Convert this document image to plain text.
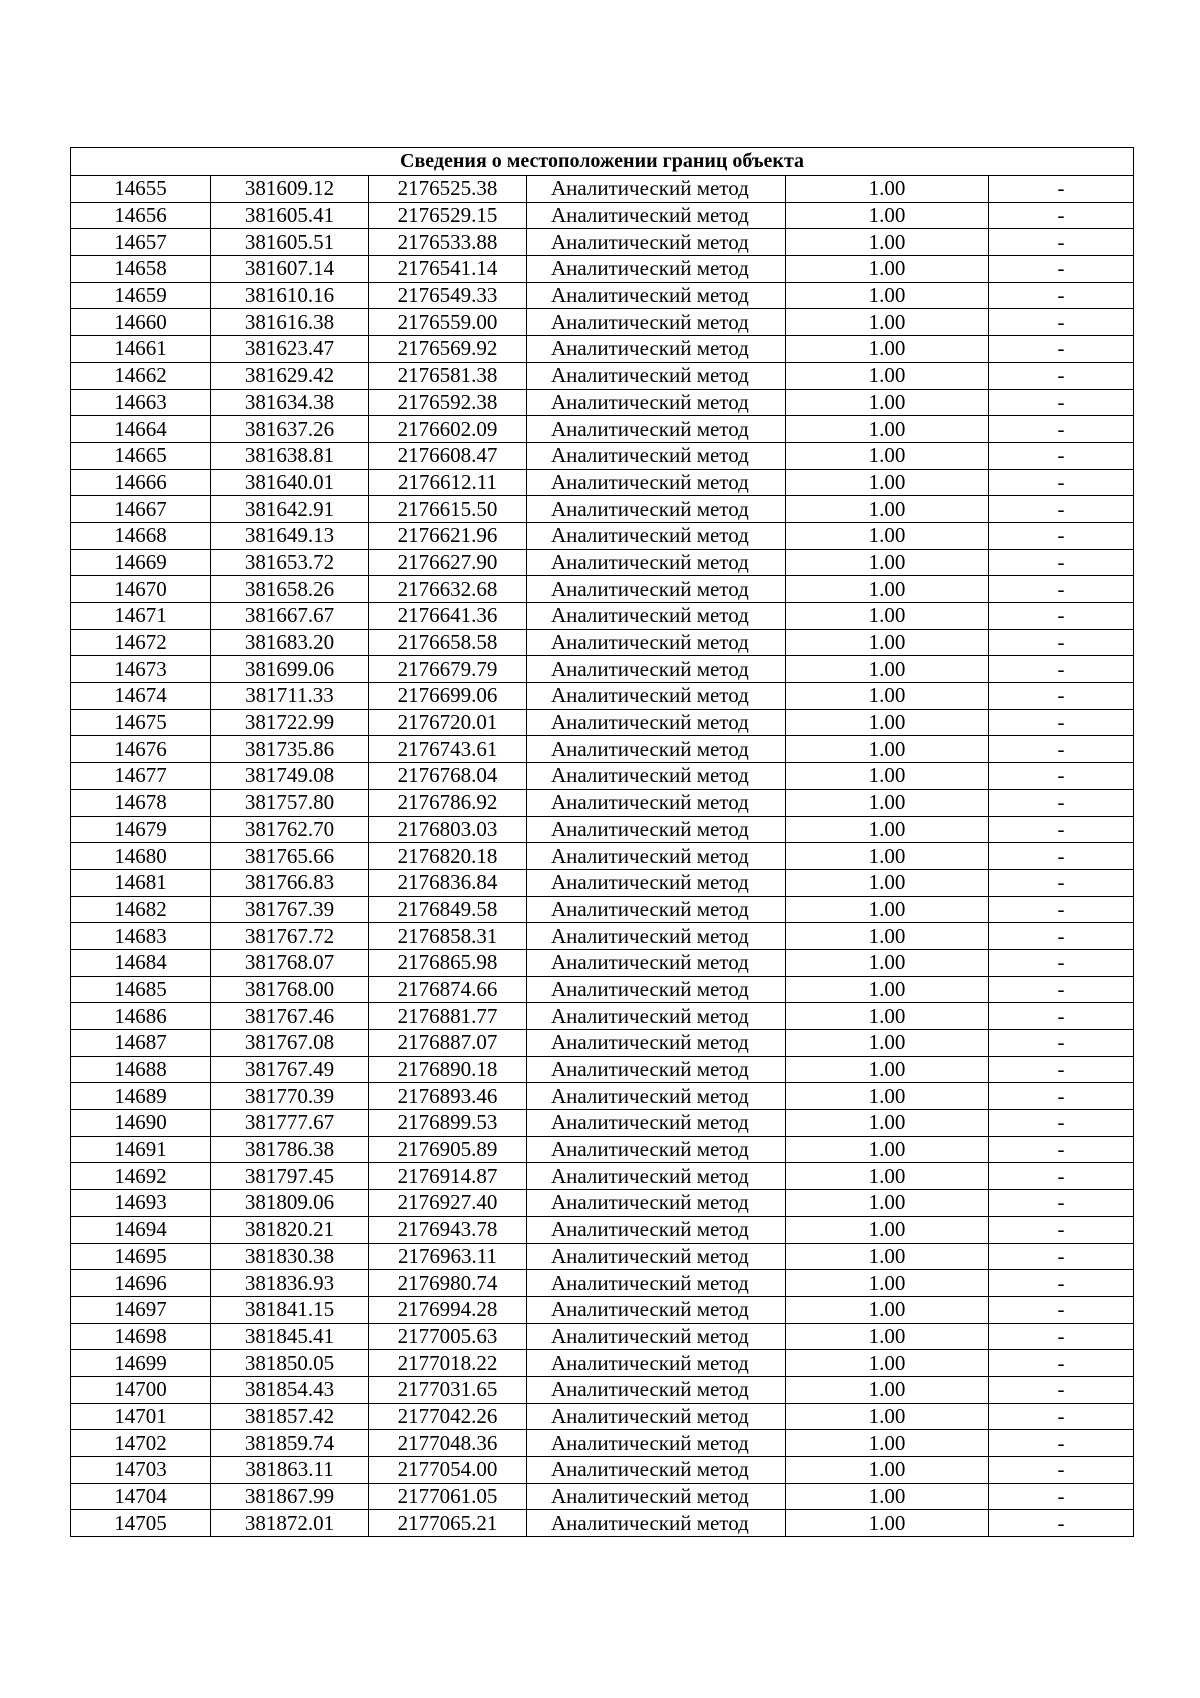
Сведения о местоположении границ объекта					
14655	381609.12	2176525.38	Аналитический метод	1.00	-
14656	381605.41	2176529.15	Аналитический метод	1.00	-
14657	381605.51	2176533.88	Аналитический метод	1.00	-
14658	381607.14	2176541.14	Аналитический метод	1.00	-
14659	381610.16	2176549.33	Аналитический метод	1.00	-
14660	381616.38	2176559.00	Аналитический метод	1.00	-
14661	381623.47	2176569.92	Аналитический метод	1.00	-
14662	381629.42	2176581.38	Аналитический метод	1.00	-
14663	381634.38	2176592.38	Аналитический метод	1.00	-
14664	381637.26	2176602.09	Аналитический метод	1.00	-
14665	381638.81	2176608.47	Аналитический метод	1.00	-
14666	381640.01	2176612.11	Аналитический метод	1.00	-
14667	381642.91	2176615.50	Аналитический метод	1.00	-
14668	381649.13	2176621.96	Аналитический метод	1.00	-
14669	381653.72	2176627.90	Аналитический метод	1.00	-
14670	381658.26	2176632.68	Аналитический метод	1.00	-
14671	381667.67	2176641.36	Аналитический метод	1.00	-
14672	381683.20	2176658.58	Аналитический метод	1.00	-
14673	381699.06	2176679.79	Аналитический метод	1.00	-
14674	381711.33	2176699.06	Аналитический метод	1.00	-
14675	381722.99	2176720.01	Аналитический метод	1.00	-
14676	381735.86	2176743.61	Аналитический метод	1.00	-
14677	381749.08	2176768.04	Аналитический метод	1.00	-
14678	381757.80	2176786.92	Аналитический метод	1.00	-
14679	381762.70	2176803.03	Аналитический метод	1.00	-
14680	381765.66	2176820.18	Аналитический метод	1.00	-
14681	381766.83	2176836.84	Аналитический метод	1.00	-
14682	381767.39	2176849.58	Аналитический метод	1.00	-
14683	381767.72	2176858.31	Аналитический метод	1.00	-
14684	381768.07	2176865.98	Аналитический метод	1.00	-
14685	381768.00	2176874.66	Аналитический метод	1.00	-
14686	381767.46	2176881.77	Аналитический метод	1.00	-
14687	381767.08	2176887.07	Аналитический метод	1.00	-
14688	381767.49	2176890.18	Аналитический метод	1.00	-
14689	381770.39	2176893.46	Аналитический метод	1.00	-
14690	381777.67	2176899.53	Аналитический метод	1.00	-
14691	381786.38	2176905.89	Аналитический метод	1.00	-
14692	381797.45	2176914.87	Аналитический метод	1.00	-
14693	381809.06	2176927.40	Аналитический метод	1.00	-
14694	381820.21	2176943.78	Аналитический метод	1.00	-
14695	381830.38	2176963.11	Аналитический метод	1.00	-
14696	381836.93	2176980.74	Аналитический метод	1.00	-
14697	381841.15	2176994.28	Аналитический метод	1.00	-
14698	381845.41	2177005.63	Аналитический метод	1.00	-
14699	381850.05	2177018.22	Аналитический метод	1.00	-
14700	381854.43	2177031.65	Аналитический метод	1.00	-
14701	381857.42	2177042.26	Аналитический метод	1.00	-
14702	381859.74	2177048.36	Аналитический метод	1.00	-
14703	381863.11	2177054.00	Аналитический метод	1.00	-
14704	381867.99	2177061.05	Аналитический метод	1.00	-
14705	381872.01	2177065.21	Аналитический метод	1.00	-
